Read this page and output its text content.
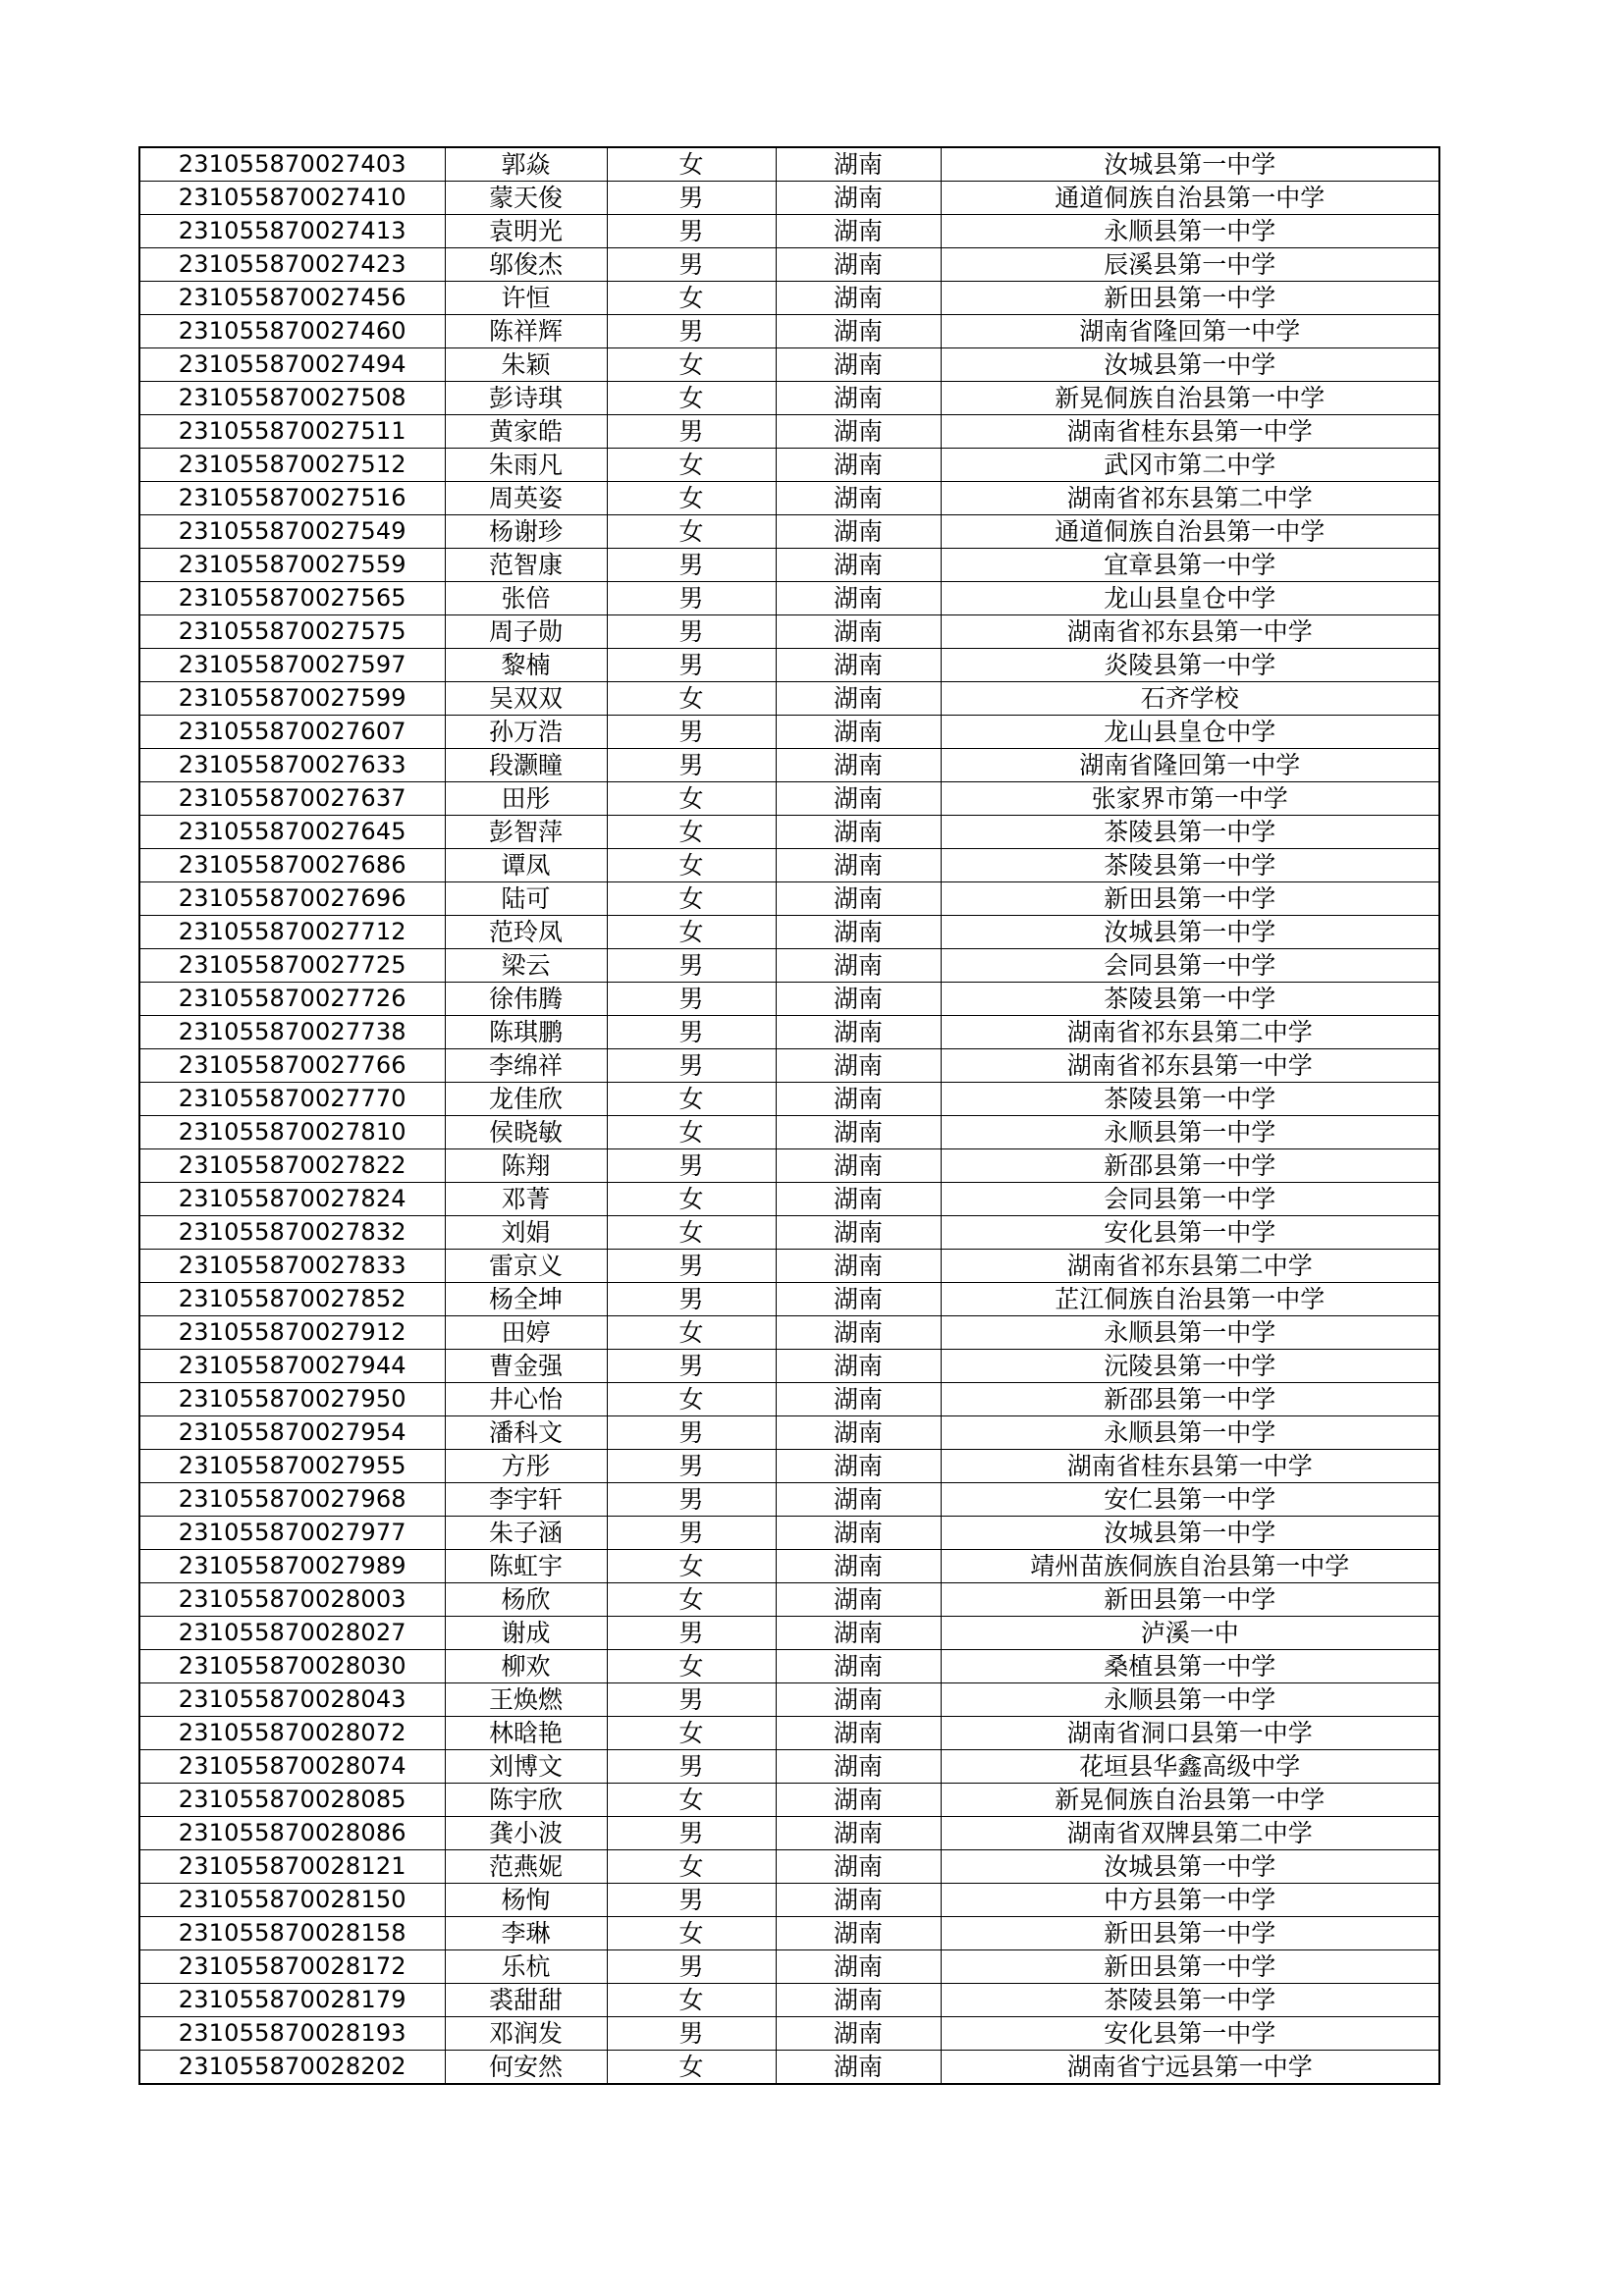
231055870027403	郭焱	女	湖南	汝城县第一中学
231055870027410	蒙天俊	男	湖南	通道侗族自治县第一中学
231055870027413	袁明光	男	湖南	永顺县第一中学
231055870027423	邬俊杰	男	湖南	辰溪县第一中学
231055870027456	许恒	女	湖南	新田县第一中学
231055870027460	陈祥辉	男	湖南	湖南省隆回第一中学
231055870027494	朱颖	女	湖南	汝城县第一中学
231055870027508	彭诗琪	女	湖南	新晃侗族自治县第一中学
231055870027511	黄家皓	男	湖南	湖南省桂东县第一中学
231055870027512	朱雨凡	女	湖南	武冈市第二中学
231055870027516	周英姿	女	湖南	湖南省祁东县第二中学
231055870027549	杨谢珍	女	湖南	通道侗族自治县第一中学
231055870027559	范智康	男	湖南	宜章县第一中学
231055870027565	张倍	男	湖南	龙山县皇仓中学
231055870027575	周子勋	男	湖南	湖南省祁东县第一中学
231055870027597	黎楠	男	湖南	炎陵县第一中学
231055870027599	吴双双	女	湖南	石齐学校
231055870027607	孙万浩	男	湖南	龙山县皇仓中学
231055870027633	段灏瞳	男	湖南	湖南省隆回第一中学
231055870027637	田彤	女	湖南	张家界市第一中学
231055870027645	彭智萍	女	湖南	茶陵县第一中学
231055870027686	谭凤	女	湖南	茶陵县第一中学
231055870027696	陆可	女	湖南	新田县第一中学
231055870027712	范玲凤	女	湖南	汝城县第一中学
231055870027725	梁云	男	湖南	会同县第一中学
231055870027726	徐伟腾	男	湖南	茶陵县第一中学
231055870027738	陈琪鹏	男	湖南	湖南省祁东县第二中学
231055870027766	李绵祥	男	湖南	湖南省祁东县第一中学
231055870027770	龙佳欣	女	湖南	茶陵县第一中学
231055870027810	侯晓敏	女	湖南	永顺县第一中学
231055870027822	陈翔	男	湖南	新邵县第一中学
231055870027824	邓菁	女	湖南	会同县第一中学
231055870027832	刘娟	女	湖南	安化县第一中学
231055870027833	雷京义	男	湖南	湖南省祁东县第二中学
231055870027852	杨全坤	男	湖南	芷江侗族自治县第一中学
231055870027912	田婷	女	湖南	永顺县第一中学
231055870027944	曹金强	男	湖南	沅陵县第一中学
231055870027950	井心怡	女	湖南	新邵县第一中学
231055870027954	潘科文	男	湖南	永顺县第一中学
231055870027955	方彤	男	湖南	湖南省桂东县第一中学
231055870027968	李宇轩	男	湖南	安仁县第一中学
231055870027977	朱子涵	男	湖南	汝城县第一中学
231055870027989	陈虹宇	女	湖南	靖州苗族侗族自治县第一中学
231055870028003	杨欣	女	湖南	新田县第一中学
231055870028027	谢成	男	湖南	泸溪一中
231055870028030	柳欢	女	湖南	桑植县第一中学
231055870028043	王焕燃	男	湖南	永顺县第一中学
231055870028072	林晗艳	女	湖南	湖南省洞口县第一中学
231055870028074	刘博文	男	湖南	花垣县华鑫高级中学
231055870028085	陈宇欣	女	湖南	新晃侗族自治县第一中学
231055870028086	龚小波	男	湖南	湖南省双牌县第二中学
231055870028121	范燕妮	女	湖南	汝城县第一中学
231055870028150	杨恂	男	湖南	中方县第一中学
231055870028158	李琳	女	湖南	新田县第一中学
231055870028172	乐杭	男	湖南	新田县第一中学
231055870028179	裘甜甜	女	湖南	茶陵县第一中学
231055870028193	邓润发	男	湖南	安化县第一中学
231055870028202	何安然	女	湖南	湖南省宁远县第一中学
